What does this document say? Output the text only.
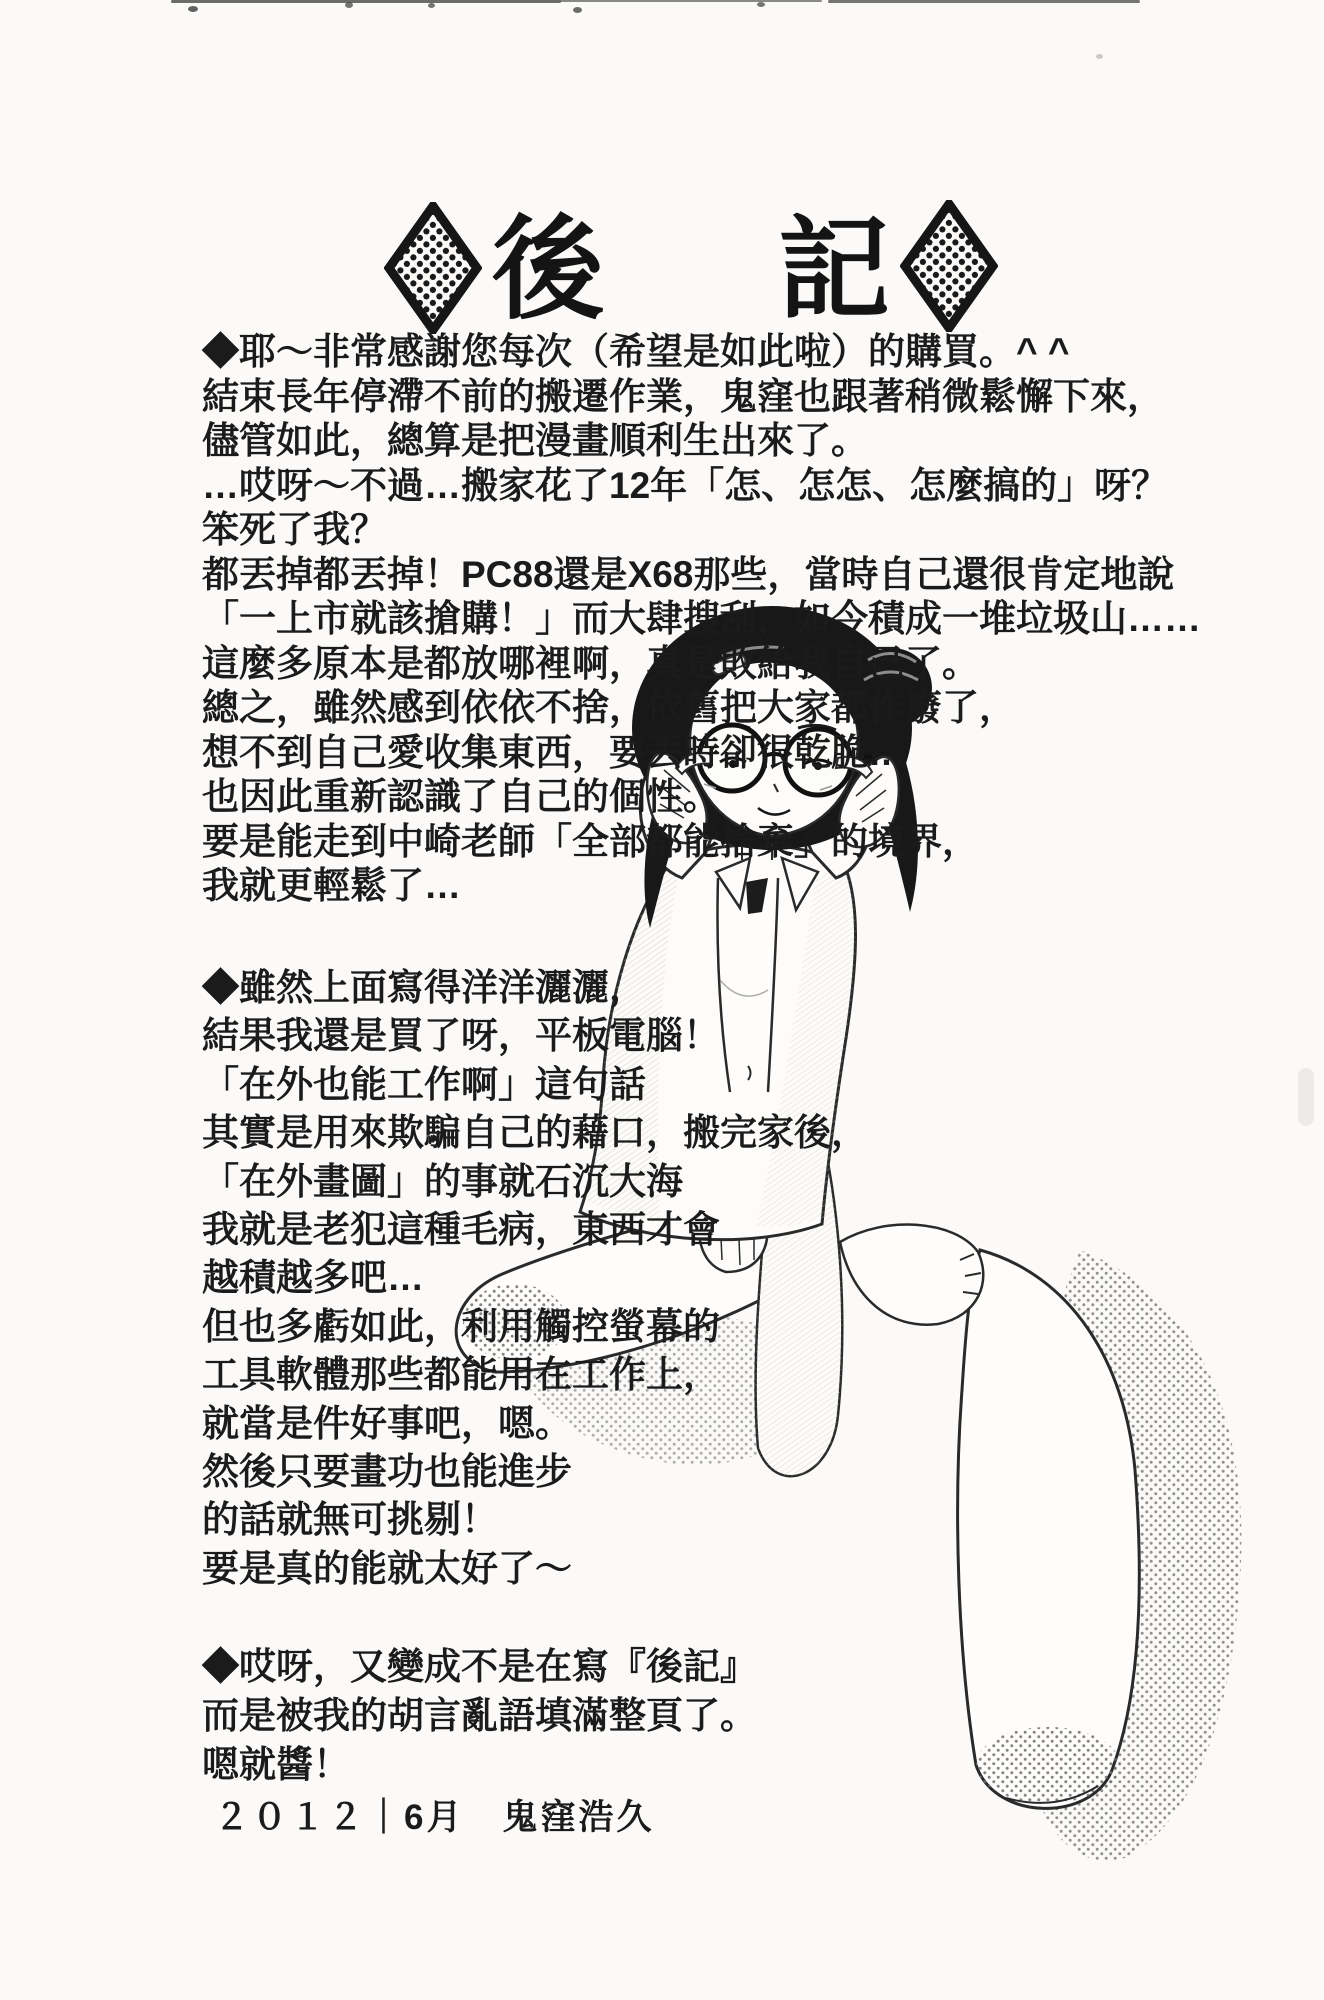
後 記
◆耶～非常感謝您每次（希望是如此啦）的購買。^ ^
結束長年停滯不前的搬遷作業，鬼窪也跟著稍微鬆懈下來，
儘管如此，總算是把漫畫順利生出來了。
…哎呀～不過…搬家花了12年「怎、怎怎、怎麼搞的」呀？
笨死了我？
都丟掉都丟掉！PC88還是X68那些，當時自己還很肯定地說
「一上市就該搶購！」而大肆搜刮，如今積成一堆垃圾山……
這麼多原本是都放哪裡啊，真是敗給我自己了。
總之，雖然感到依依不捨，依舊把大家都作廢了，
想不到自己愛收集東西，要丟時卻很乾脆…
也因此重新認識了自己的個性。
要是能走到中崎老師「全部都能捨棄」的境界，
我就更輕鬆了…
◆雖然上面寫得洋洋灑灑，
結果我還是買了呀，平板電腦！
「在外也能工作啊」這句話
其實是用來欺騙自己的藉口，搬完家後，
「在外畫圖」的事就石沉大海
我就是老犯這種毛病，東西才會
越積越多吧…
但也多虧如此，利用觸控螢幕的
工具軟體那些都能用在工作上，
就當是件好事吧，嗯。
然後只要畫功也能進步
的話就無可挑剔！
要是真的能就太好了～
◆哎呀，又變成不是在寫『後記』
而是被我的胡言亂語填滿整頁了。
嗯就醬！
２０１２｜6月　鬼窪浩久
